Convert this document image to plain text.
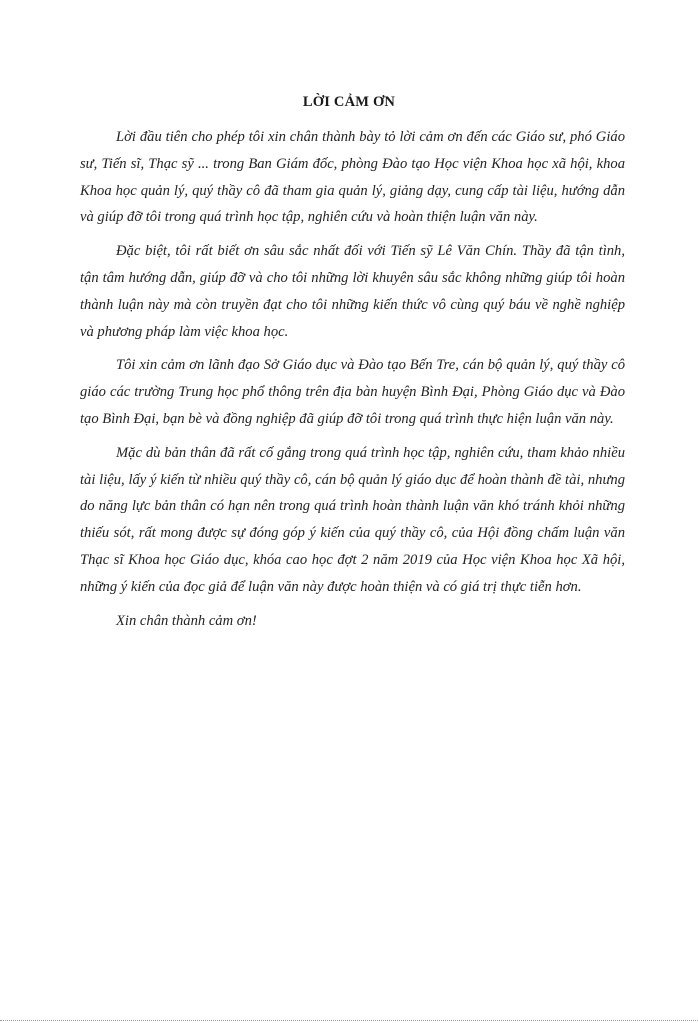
LỜI CẢM ƠN

Lời đầu tiên cho phép tôi xin chân thành bày tỏ lời cảm ơn đến các Giáo sư, phó Giáo sư, Tiến sĩ, Thạc sỹ ... trong Ban Giám đốc, phòng Đào tạo Học viện Khoa học xã hội, khoa Khoa học quản lý, quý thầy cô đã tham gia quản lý, giảng dạy, cung cấp tài liệu, hướng dẫn và giúp đỡ tôi trong quá trình học tập, nghiên cứu và hoàn thiện luận văn này.

Đặc biệt, tôi rất biết ơn sâu sắc nhất đối với Tiến sỹ Lê Văn Chín. Thầy đã tận tình, tận tâm hướng dẫn, giúp đỡ và cho tôi những lời khuyên sâu sắc không những giúp tôi hoàn thành luận này mà còn truyền đạt cho tôi những kiến thức vô cùng quý báu về nghề nghiệp và phương pháp làm việc khoa học.

Tôi xin cảm ơn lãnh đạo Sở Giáo dục và Đào tạo Bến Tre, cán bộ quản lý, quý thầy cô giáo các trường Trung học phổ thông trên địa bàn huyện Bình Đại, Phòng Giáo dục và Đào tạo Bình Đại, bạn bè và đồng nghiệp đã giúp đỡ tôi trong quá trình thực hiện luận văn này.

Mặc dù bản thân đã rất cố gắng trong quá trình học tập, nghiên cứu, tham khảo nhiều tài liệu, lấy ý kiến từ nhiều quý thầy cô, cán bộ quản lý giáo dục để hoàn thành đề tài, nhưng do năng lực bản thân có hạn nên trong quá trình hoàn thành luận văn khó tránh khỏi những thiếu sót, rất mong được sự đóng góp ý kiến của quý thầy cô, của Hội đồng chấm luận văn Thạc sĩ Khoa học Giáo dục, khóa cao học đợt 2 năm 2019 của Học viện Khoa học Xã hội, những ý kiến của đọc giả để luận văn này được hoàn thiện và có giá trị thực tiễn hơn.

Xin chân thành cảm ơn!
